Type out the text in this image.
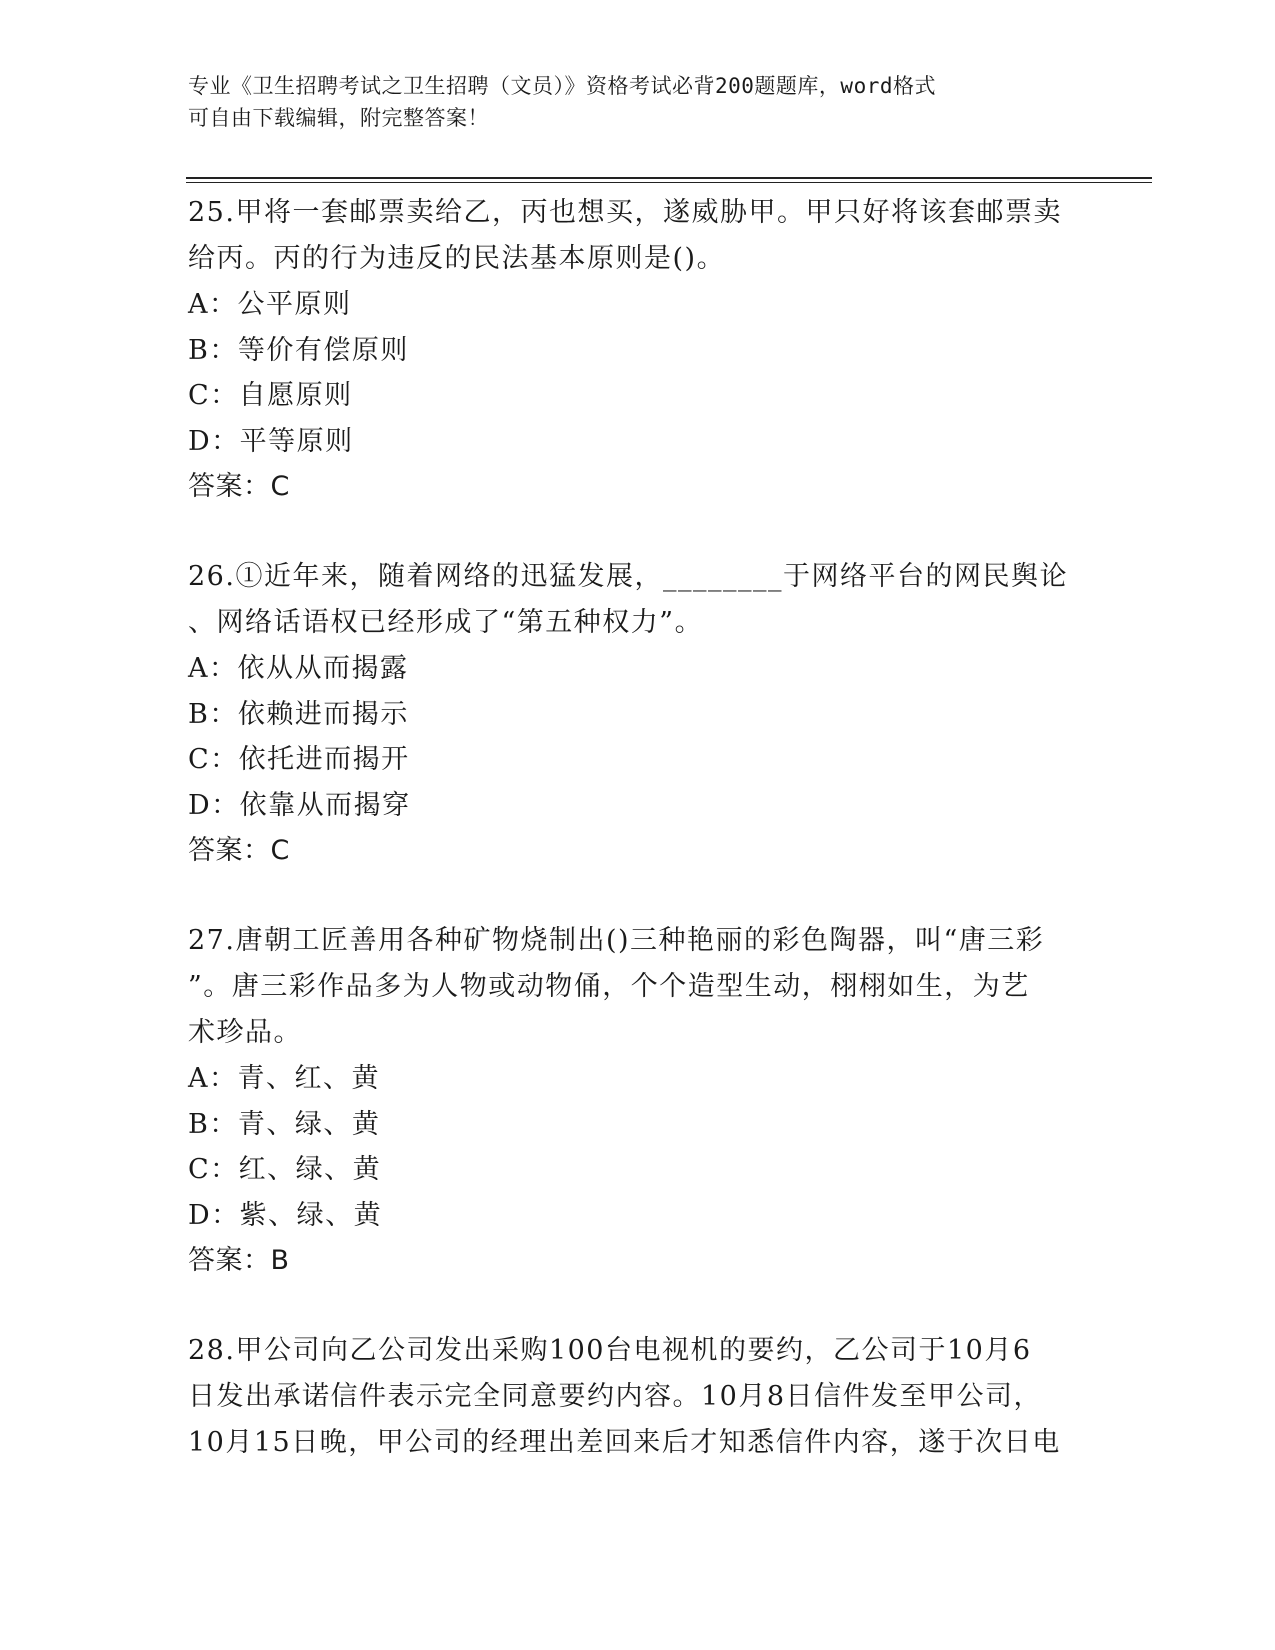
专业《卫生招聘考试之卫生招聘（文员）》资格考试必背200题题库，word格式
可自由下载编辑，附完整答案！
25.甲将一套邮票卖给乙，丙也想买，遂威胁甲。甲只好将该套邮票卖
给丙。丙的行为违反的民法基本原则是()。
A：公平原则
B：等价有偿原则
C：自愿原则
D：平等原则
答案：C
26.①近年来，随着网络的迅猛发展，________于网络平台的网民舆论
、网络话语权已经形成了“第五种权力”。
A：依从从而揭露
B：依赖进而揭示
C：依托进而揭开
D：依靠从而揭穿
答案：C
27.唐朝工匠善用各种矿物烧制出()三种艳丽的彩色陶器，叫“唐三彩
”。唐三彩作品多为人物或动物俑，个个造型生动，栩栩如生，为艺
术珍品。
A：青、红、黄
B：青、绿、黄
C：红、绿、黄
D：紫、绿、黄
答案：B
28.甲公司向乙公司发出采购100台电视机的要约，乙公司于10月6
日发出承诺信件表示完全同意要约内容。10月8日信件发至甲公司，
10月15日晚，甲公司的经理出差回来后才知悉信件内容，遂于次日电
